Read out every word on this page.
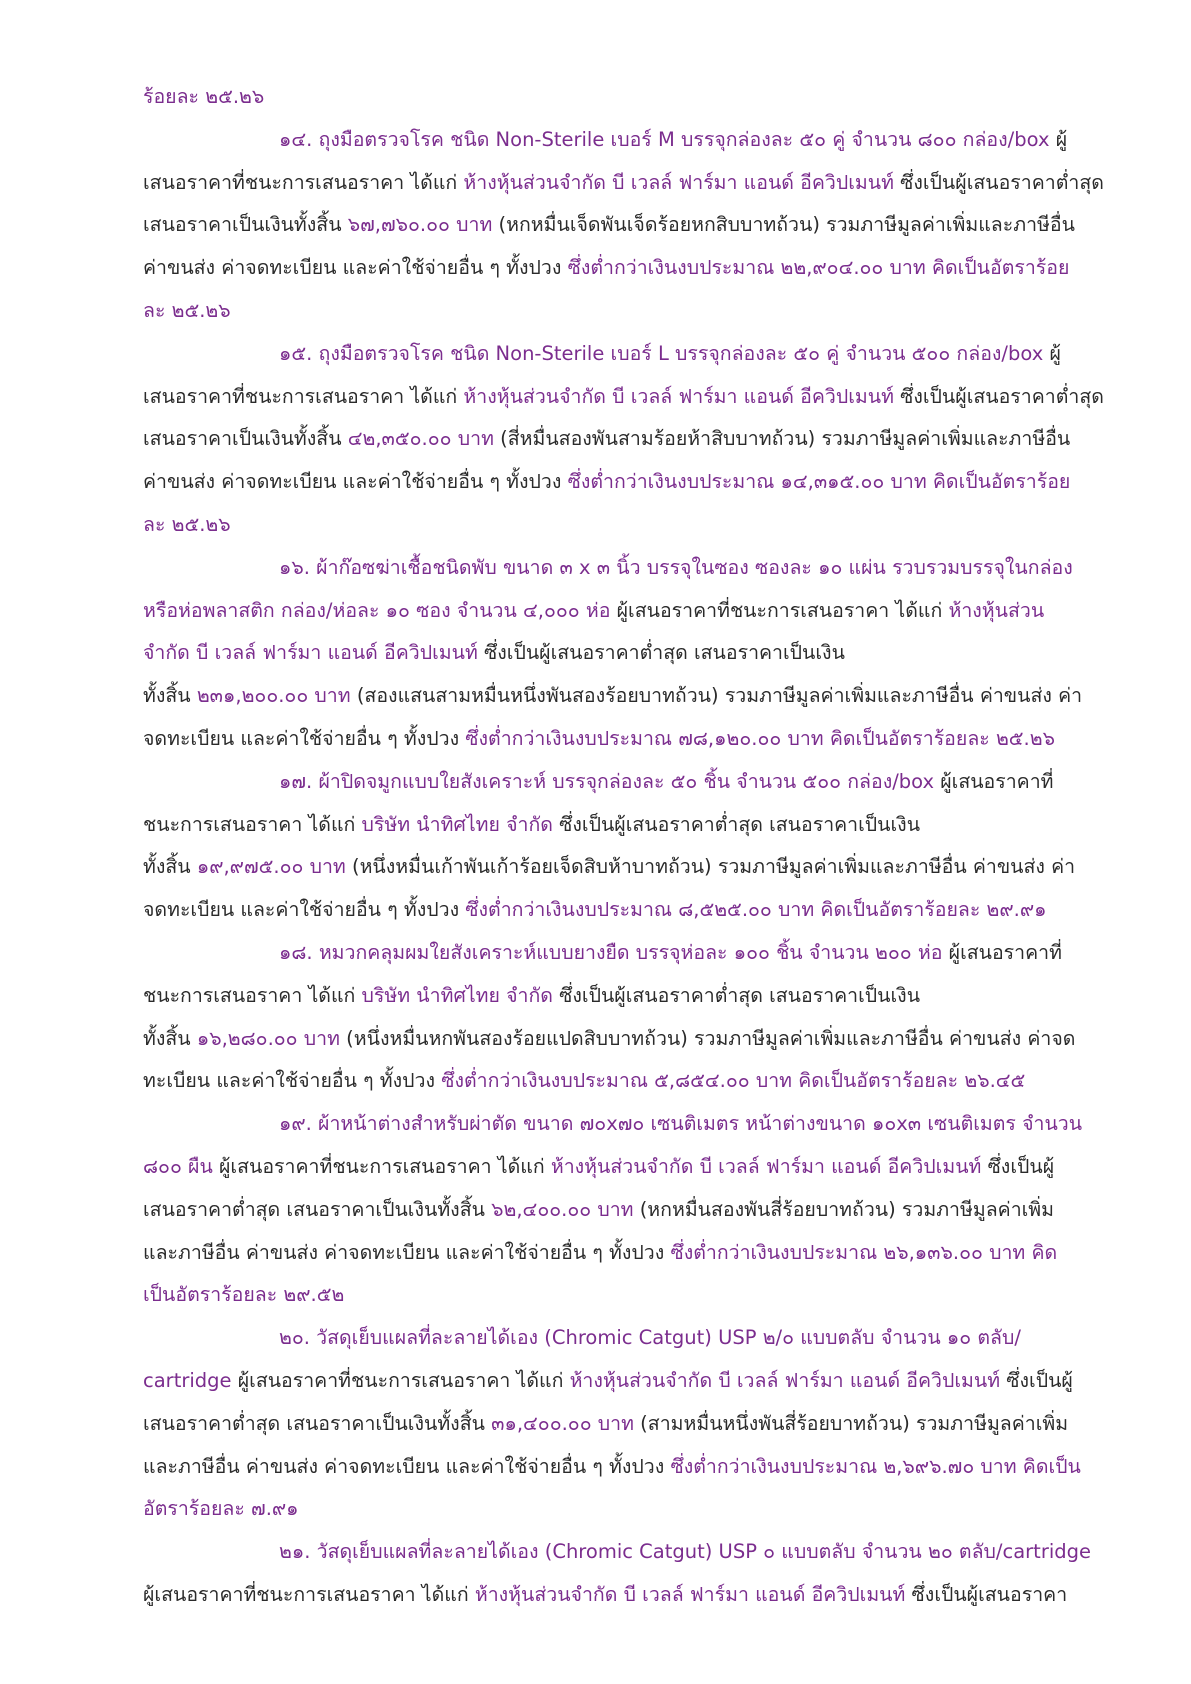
ร้อยละ ๒๕.๒๖
๑๔. ถุงมือตรวจโรค ชนิด Non-Sterile เบอร์ M บรรจุกล่องละ ๕๐ คู่ จำนวน ๘๐๐ กล่อง/box ผู้
เสนอราคาที่ชนะการเสนอราคา ได้แก่ ห้างหุ้นส่วนจำกัด บี เวลล์ ฟาร์มา แอนด์ อีควิปเมนท์ ซึ่งเป็นผู้เสนอราคาต่ำสุด
เสนอราคาเป็นเงินทั้งสิ้น ๖๗,๗๖๐.๐๐ บาท (หกหมื่นเจ็ดพันเจ็ดร้อยหกสิบบาทถ้วน) รวมภาษีมูลค่าเพิ่มและภาษีอื่น
ค่าขนส่ง ค่าจดทะเบียน และค่าใช้จ่ายอื่น ๆ ทั้งปวง ซึ่งต่ำกว่าเงินงบประมาณ ๒๒,๙๐๔.๐๐ บาท คิดเป็นอัตราร้อย
ละ ๒๕.๒๖
๑๕. ถุงมือตรวจโรค ชนิด Non-Sterile เบอร์ L บรรจุกล่องละ ๕๐ คู่ จำนวน ๕๐๐ กล่อง/box ผู้
เสนอราคาที่ชนะการเสนอราคา ได้แก่ ห้างหุ้นส่วนจำกัด บี เวลล์ ฟาร์มา แอนด์ อีควิปเมนท์ ซึ่งเป็นผู้เสนอราคาต่ำสุด
เสนอราคาเป็นเงินทั้งสิ้น ๔๒,๓๕๐.๐๐ บาท (สี่หมื่นสองพันสามร้อยห้าสิบบาทถ้วน) รวมภาษีมูลค่าเพิ่มและภาษีอื่น
ค่าขนส่ง ค่าจดทะเบียน และค่าใช้จ่ายอื่น ๆ ทั้งปวง ซึ่งต่ำกว่าเงินงบประมาณ ๑๔,๓๑๕.๐๐ บาท คิดเป็นอัตราร้อย
ละ ๒๕.๒๖
๑๖. ผ้าก๊อซฆ่าเชื้อชนิดพับ ขนาด ๓ x ๓ นิ้ว บรรจุในซอง ซองละ ๑๐ แผ่น รวบรวมบรรจุในกล่อง
หรือห่อพลาสติก กล่อง/ห่อละ ๑๐ ซอง จำนวน ๔,๐๐๐ ห่อ ผู้เสนอราคาที่ชนะการเสนอราคา ได้แก่ ห้างหุ้นส่วน
จำกัด บี เวลล์ ฟาร์มา แอนด์ อีควิปเมนท์ ซึ่งเป็นผู้เสนอราคาต่ำสุด เสนอราคาเป็นเงิน
ทั้งสิ้น ๒๓๑,๒๐๐.๐๐ บาท (สองแสนสามหมื่นหนึ่งพันสองร้อยบาทถ้วน) รวมภาษีมูลค่าเพิ่มและภาษีอื่น ค่าขนส่ง ค่า
จดทะเบียน และค่าใช้จ่ายอื่น ๆ ทั้งปวง ซึ่งต่ำกว่าเงินงบประมาณ ๗๘,๑๒๐.๐๐ บาท คิดเป็นอัตราร้อยละ ๒๕.๒๖
๑๗. ผ้าปิดจมูกแบบใยสังเคราะห์ บรรจุกล่องละ ๕๐ ชิ้น จำนวน ๕๐๐ กล่อง/box ผู้เสนอราคาที่
ชนะการเสนอราคา ได้แก่ บริษัท นำทิศไทย จำกัด ซึ่งเป็นผู้เสนอราคาต่ำสุด เสนอราคาเป็นเงิน
ทั้งสิ้น ๑๙,๙๗๕.๐๐ บาท (หนึ่งหมื่นเก้าพันเก้าร้อยเจ็ดสิบห้าบาทถ้วน) รวมภาษีมูลค่าเพิ่มและภาษีอื่น ค่าขนส่ง ค่า
จดทะเบียน และค่าใช้จ่ายอื่น ๆ ทั้งปวง ซึ่งต่ำกว่าเงินงบประมาณ ๘,๕๒๕.๐๐ บาท คิดเป็นอัตราร้อยละ ๒๙.๙๑
๑๘. หมวกคลุมผมใยสังเคราะห์แบบยางยืด บรรจุห่อละ ๑๐๐ ชิ้น จำนวน ๒๐๐ ห่อ ผู้เสนอราคาที่
ชนะการเสนอราคา ได้แก่ บริษัท นำทิศไทย จำกัด ซึ่งเป็นผู้เสนอราคาต่ำสุด เสนอราคาเป็นเงิน
ทั้งสิ้น ๑๖,๒๘๐.๐๐ บาท (หนึ่งหมื่นหกพันสองร้อยแปดสิบบาทถ้วน) รวมภาษีมูลค่าเพิ่มและภาษีอื่น ค่าขนส่ง ค่าจด
ทะเบียน และค่าใช้จ่ายอื่น ๆ ทั้งปวง ซึ่งต่ำกว่าเงินงบประมาณ ๕,๘๕๔.๐๐ บาท คิดเป็นอัตราร้อยละ ๒๖.๔๕
๑๙. ผ้าหน้าต่างสำหรับผ่าตัด ขนาด ๗๐x๗๐ เซนติเมตร หน้าต่างขนาด ๑๐x๓ เซนติเมตร จำนวน
๘๐๐ ผืน ผู้เสนอราคาที่ชนะการเสนอราคา ได้แก่ ห้างหุ้นส่วนจำกัด บี เวลล์ ฟาร์มา แอนด์ อีควิปเมนท์ ซึ่งเป็นผู้
เสนอราคาต่ำสุด เสนอราคาเป็นเงินทั้งสิ้น ๖๒,๔๐๐.๐๐ บาท (หกหมื่นสองพันสี่ร้อยบาทถ้วน) รวมภาษีมูลค่าเพิ่ม
และภาษีอื่น ค่าขนส่ง ค่าจดทะเบียน และค่าใช้จ่ายอื่น ๆ ทั้งปวง ซึ่งต่ำกว่าเงินงบประมาณ ๒๖,๑๓๖.๐๐ บาท คิด
เป็นอัตราร้อยละ ๒๙.๕๒
๒๐. วัสดุเย็บแผลที่ละลายได้เอง (Chromic Catgut) USP ๒/๐ แบบตลับ จำนวน ๑๐ ตลับ/
cartridge ผู้เสนอราคาที่ชนะการเสนอราคา ได้แก่ ห้างหุ้นส่วนจำกัด บี เวลล์ ฟาร์มา แอนด์ อีควิปเมนท์ ซึ่งเป็นผู้
เสนอราคาต่ำสุด เสนอราคาเป็นเงินทั้งสิ้น ๓๑,๔๐๐.๐๐ บาท (สามหมื่นหนึ่งพันสี่ร้อยบาทถ้วน) รวมภาษีมูลค่าเพิ่ม
และภาษีอื่น ค่าขนส่ง ค่าจดทะเบียน และค่าใช้จ่ายอื่น ๆ ทั้งปวง ซึ่งต่ำกว่าเงินงบประมาณ ๒,๖๙๖.๗๐ บาท คิดเป็น
อัตราร้อยละ ๗.๙๑
๒๑. วัสดุเย็บแผลที่ละลายได้เอง (Chromic Catgut) USP ๐ แบบตลับ จำนวน ๒๐ ตลับ/cartridge
ผู้เสนอราคาที่ชนะการเสนอราคา ได้แก่ ห้างหุ้นส่วนจำกัด บี เวลล์ ฟาร์มา แอนด์ อีควิปเมนท์ ซึ่งเป็นผู้เสนอราคา
